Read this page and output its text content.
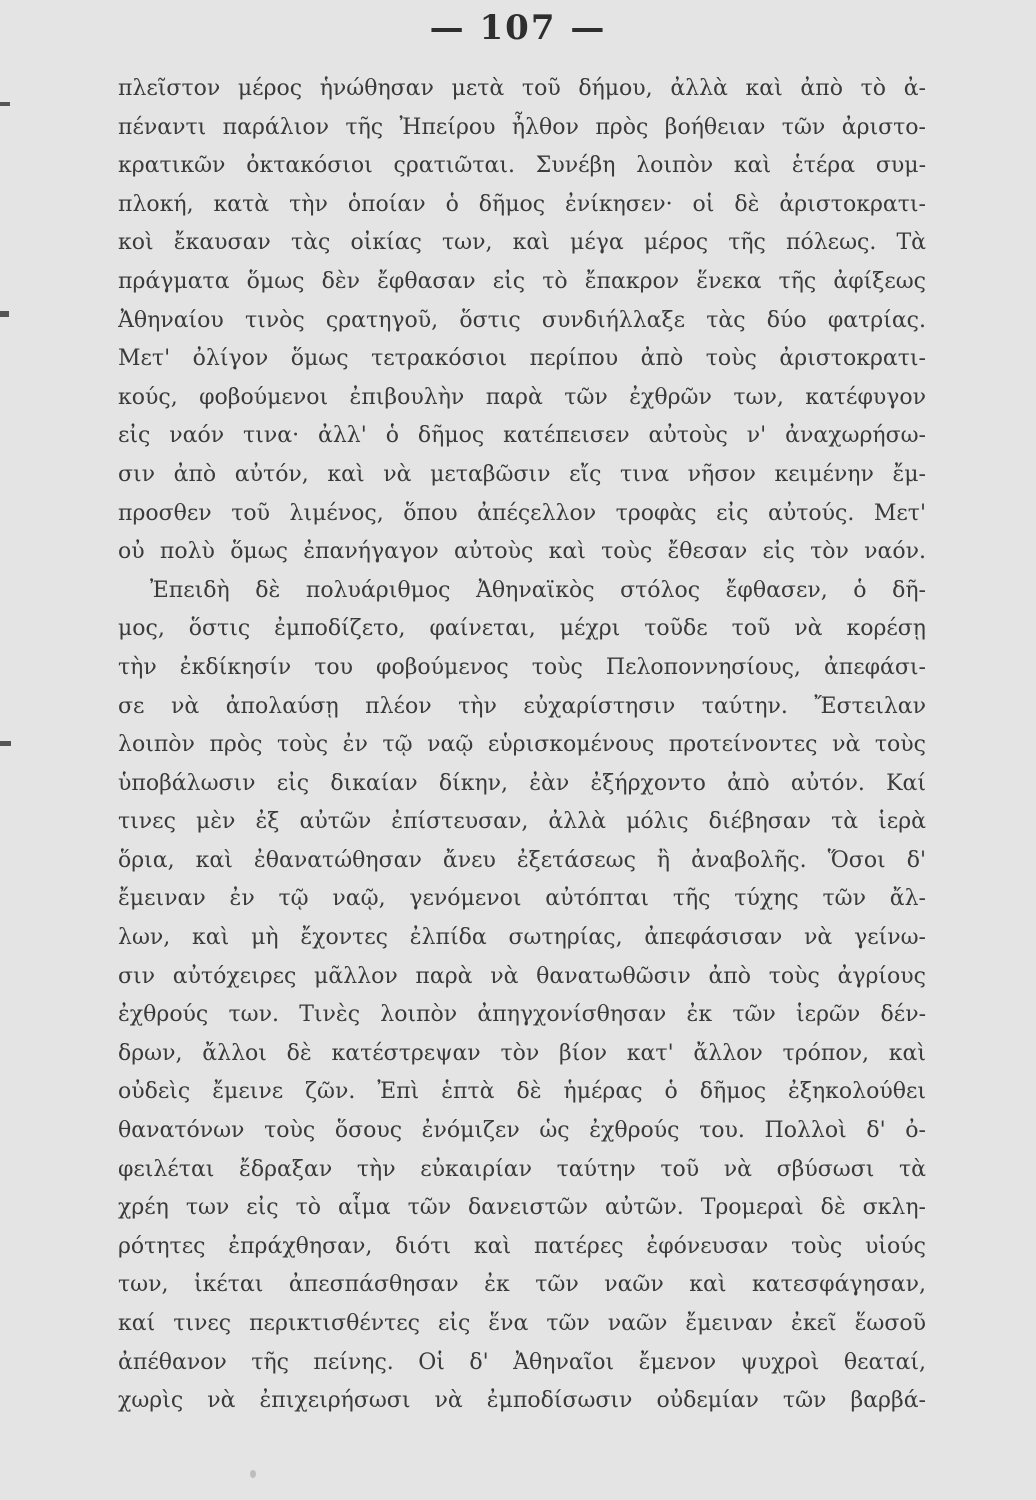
— 107 —
πλεῖστον μέρος ἡνώθησαν μετὰ τοῦ δήμου, ἀλλὰ καὶ ἀπὸ τὸ ἀ-
πέναντι παράλιον τῆς Ἠπείρου ἦλθον πρὸς βοήθειαν τῶν ἀριστο-
κρατικῶν ὀκτακόσιοι ςρατιῶται. Συνέβη λοιπὸν καὶ ἑτέρα συμ-
πλοκή, κατὰ τὴν ὁποίαν ὁ δῆμος ἐνίκησεν· οἱ δὲ ἀριστοκρατι-
κοὶ ἔκαυσαν τὰς οἰκίας των, καὶ μέγα μέρος τῆς πόλεως. Τὰ
πράγματα ὅμως δὲν ἔφθασαν εἰς τὸ ἔπακρον ἕνεκα τῆς ἀφίξεως
Ἀθηναίου τινὸς ςρατηγοῦ, ὅστις συνδιήλλαξε τὰς δύο φατρίας.
Μετ' ὀλίγον ὅμως τετρακόσιοι περίπου ἀπὸ τοὺς ἀριστοκρατι-
κούς, φοβούμενοι ἐπιβουλὴν παρὰ τῶν ἐχθρῶν των, κατέφυγον
εἰς ναόν τινα· ἀλλ' ὁ δῆμος κατέπεισεν αὐτοὺς ν' ἀναχωρήσω-
σιν ἀπὸ αὐτόν, καὶ νὰ μεταβῶσιν εἴς τινα νῆσον κειμένην ἔμ-
προσθεν τοῦ λιμένος, ὅπου ἀπέςελλον τροφὰς εἰς αὐτούς. Μετ'
οὐ πολὺ ὅμως ἐπανήγαγον αὐτοὺς καὶ τοὺς ἔθεσαν εἰς τὸν ναόν.
Ἐπειδὴ δὲ πολυάριθμος Ἀθηναϊκὸς στόλος ἔφθασεν, ὁ δῆ-
μος, ὅστις ἐμποδίζετο, φαίνεται, μέχρι τοῦδε τοῦ νὰ κορέσῃ
τὴν ἐκδίκησίν του φοβούμενος τοὺς Πελοποννησίους, ἀπεφάσι-
σε νὰ ἀπολαύσῃ πλέον τὴν εὐχαρίστησιν ταύτην. Ἔστειλαν
λοιπὸν πρὸς τοὺς ἐν τῷ ναῷ εὑρισκομένους προτείνοντες νὰ τοὺς
ὑποβάλωσιν εἰς δικαίαν δίκην, ἐὰν ἐξήρχοντο ἀπὸ αὐτόν. Καί
τινες μὲν ἐξ αὐτῶν ἐπίστευσαν, ἀλλὰ μόλις διέβησαν τὰ ἱερὰ
ὅρια, καὶ ἐθανατώθησαν ἄνευ ἐξετάσεως ἢ ἀναβολῆς. Ὅσοι δ'
ἔμειναν ἐν τῷ ναῷ, γενόμενοι αὐτόπται τῆς τύχης τῶν ἄλ-
λων, καὶ μὴ ἔχοντες ἐλπίδα σωτηρίας, ἀπεφάσισαν νὰ γείνω-
σιν αὐτόχειρες μᾶλλον παρὰ νὰ θανατωθῶσιν ἀπὸ τοὺς ἀγρίους
ἐχθρούς των. Τινὲς λοιπὸν ἀπηγχονίσθησαν ἐκ τῶν ἱερῶν δέν-
δρων, ἄλλοι δὲ κατέστρεψαν τὸν βίον κατ' ἄλλον τρόπον, καὶ
οὐδεὶς ἔμεινε ζῶν. Ἐπὶ ἑπτὰ δὲ ἡμέρας ὁ δῆμος ἐξηκολούθει
θανατόνων τοὺς ὅσους ἐνόμιζεν ὡς ἐχθρούς του. Πολλοὶ δ' ὀ-
φειλέται ἔδραξαν τὴν εὐκαιρίαν ταύτην τοῦ νὰ σβύσωσι τὰ
χρέη των εἰς τὸ αἷμα τῶν δανειστῶν αὐτῶν. Τρομεραὶ δὲ σκλη-
ρότητες ἐπράχθησαν, διότι καὶ πατέρες ἐφόνευσαν τοὺς υἱούς
των, ἱκέται ἀπεσπάσθησαν ἐκ τῶν ναῶν καὶ κατεσφάγησαν,
καί τινες περικτισθέντες εἰς ἕνα τῶν ναῶν ἔμειναν ἐκεῖ ἕωσοῦ
ἀπέθανον τῆς πείνης. Οἱ δ' Ἀθηναῖοι ἔμενον ψυχροὶ θεαταί,
χωρὶς νὰ ἐπιχειρήσωσι νὰ ἐμποδίσωσιν οὐδεμίαν τῶν βαρβά-
